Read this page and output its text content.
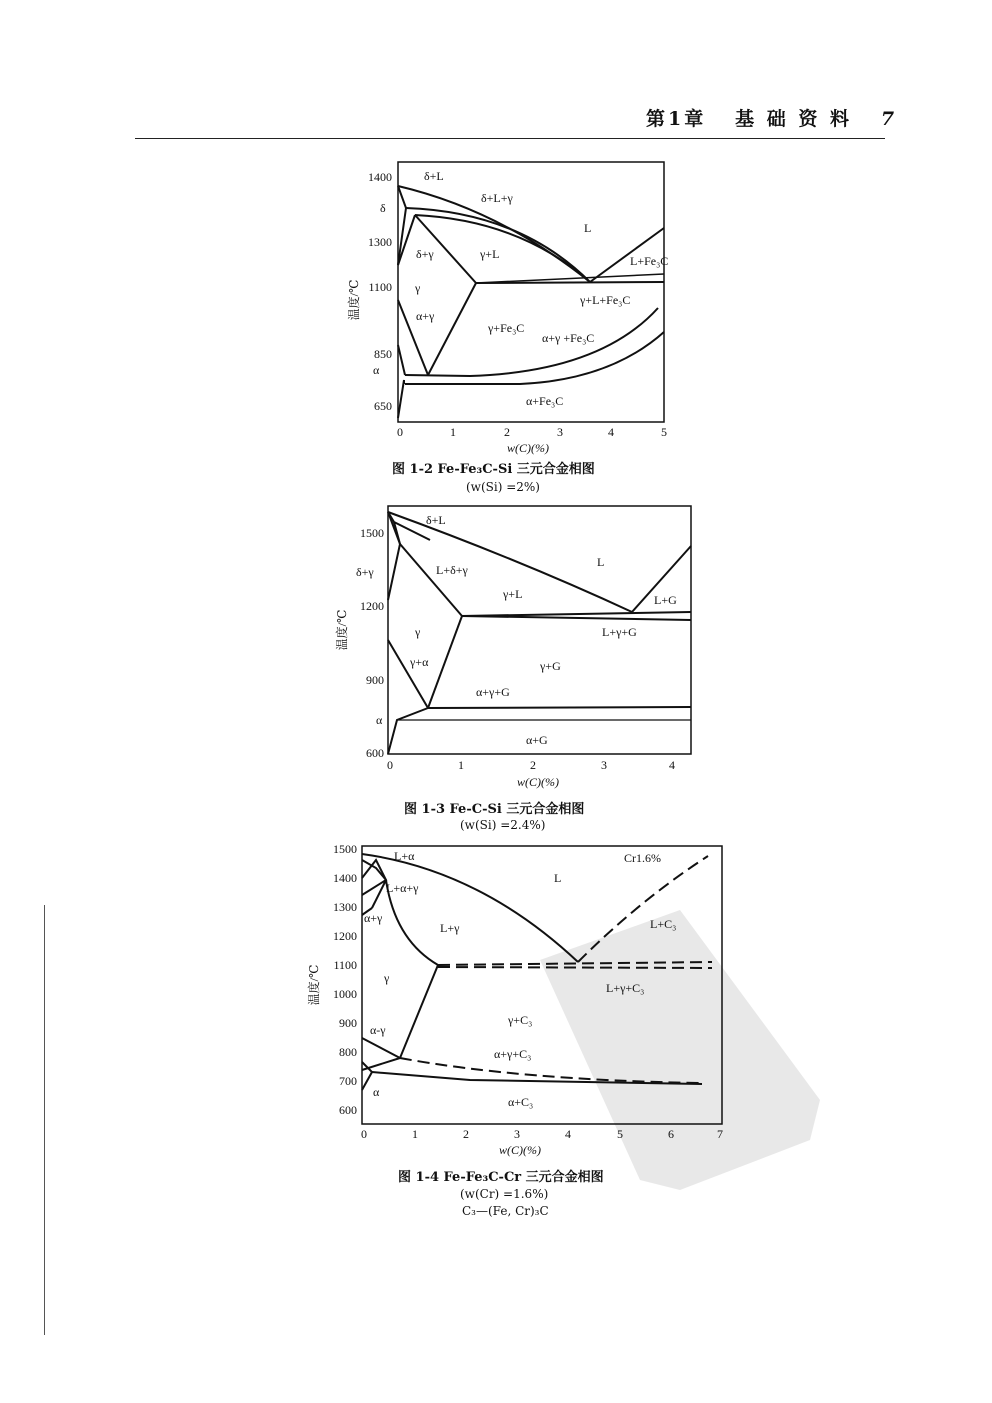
第1章 基 础 资 料 7
1400
1300
1100
850
650
0	1	2	3	4	5
w(C)(%)
温度/℃
δ+L
δ+L+γ
δ
L
δ+γ	γ+L	L+Fe₃C
γ
γ+L+Fe₃C
α+γ
γ+Fe₃C
α+γ +Fe₃C
α
α+Fe₃C
图 1-2 Fe-Fe₃C-Si 三元合金相图
(w(Si) =2%)
1500
1200
900
600
0	1	2	3	4
w(C)(%)
温度/℃
δ+L
δ+γ	L+δ+γ
L
γ+L	L+G
L+γ+G
γ
γ+α	γ+G
α+γ+G
α
α+G
图 1-3 Fe-C-Si 三元合金相图
(w(Si) =2.4%)
1500
1400
1300
1200
1100
1000
900
800
700
600
0	1	2	3	4	5	6	7
w(C)(%)
温度/℃
L+α	Cr1.6%
L+α+γ
L
α+γ
L+γ	L+C₃
γ
L+γ+C₃
γ+C₃
α-γ
α+γ+C₃
α
α+C₃
图 1-4 Fe-Fe₃C-Cr 三元合金相图
(w(Cr) =1.6%)
C₃—(Fe, Cr)₃C
